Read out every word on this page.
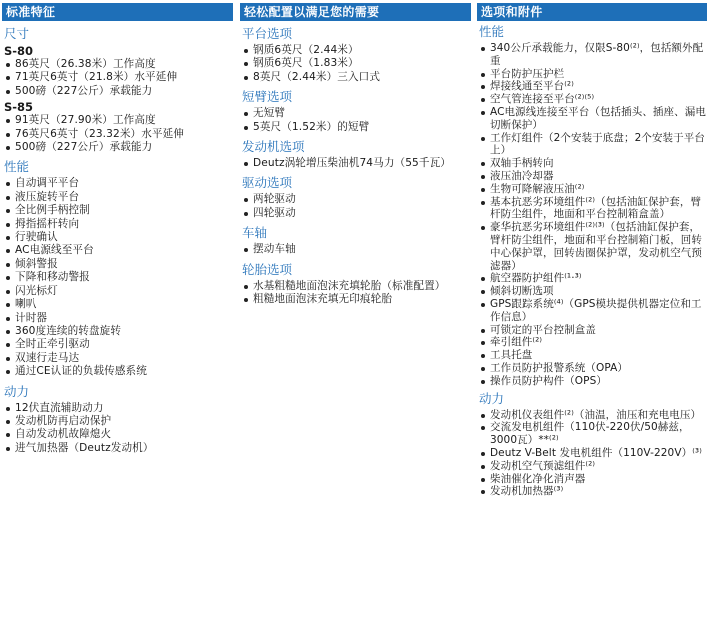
标准特征
尺寸
S-80
86英尺（26.38米）工作高度
71英尺6英寸（21.8米）水平延伸
500磅（227公斤）承载能力
S-85
91英尺（27.90米）工作高度
76英尺6英寸（23.32米）水平延伸
500磅（227公斤）承载能力
性能
自动调平平台
液压旋转平台
全比例手柄控制
拇指摇杆转向
行驶确认
AC电源线至平台
倾斜警报
下降和移动警报
闪光标灯
喇叭
计时器
360度连续的转盘旋转
全时正牵引驱动
双速行走马达
通过CE认证的负载传感系统
动力
12伏直流辅助动力
发动机防再启动保护
自动发动机故障熄火
进气加热器（Deutz发动机）
轻松配置以满足您的需要
平台选项
钢质6英尺（2.44米）
钢质6英尺（1.83米）
8英尺（2.44米）三入口式
短臂选项
无短臂
5英尺（1.52米）的短臂
发动机选项
Deutz涡轮增压柴油机74马力（55千瓦）
驱动选项
两轮驱动
四轮驱动
车轴
摆动车轴
轮胎选项
水基粗糙地面泡沫充填轮胎（标准配置）
粗糙地面泡沫充填无印痕轮胎
选项和附件
性能
340公斤承载能力，仅限S-80⁽²⁾，包括额外配重
平台防护压护栏
焊接线通至平台⁽²⁾
空气管连接至平台⁽²⁾⁽⁵⁾
AC电源线连接至平台（包括插头、插座、漏电切断保护）
工作灯组件（2个安装于底盘；2个安装于平台上）
双轴手柄转向
液压油冷却器
生物可降解液压油⁽²⁾
基本抗恶劣环境组件⁽²⁾（包括油缸保护套，臂杆防尘组件，地面和平台控制箱盒盖）
豪华抗恶劣环境组件⁽²⁾⁽³⁾（包括油缸保护套，臂杆防尘组件，地面和平台控制箱门板，回转中心保护罩，回转齿圈保护罩，发动机空气预滤器）
航空器防护组件⁽¹·³⁾
倾斜切断选项
GPS跟踪系统⁽⁴⁾（GPS模块提供机器定位和工作信息）
可锁定的平台控制盒盖
牵引组件⁽²⁾
工具托盘
工作员防护报警系统（OPA）
操作员防护构件（OPS）
动力
发动机仪表组件⁽²⁾（油温，油压和充电电压）
交流发电机组件（110伏-220伏/50赫兹，3000瓦）**⁽²⁾
Deutz V-Belt 发电机组件（110V-220V）⁽³⁾
发动机空气预滤组件⁽²⁾
柴油催化净化消声器
发动机加热器⁽³⁾
